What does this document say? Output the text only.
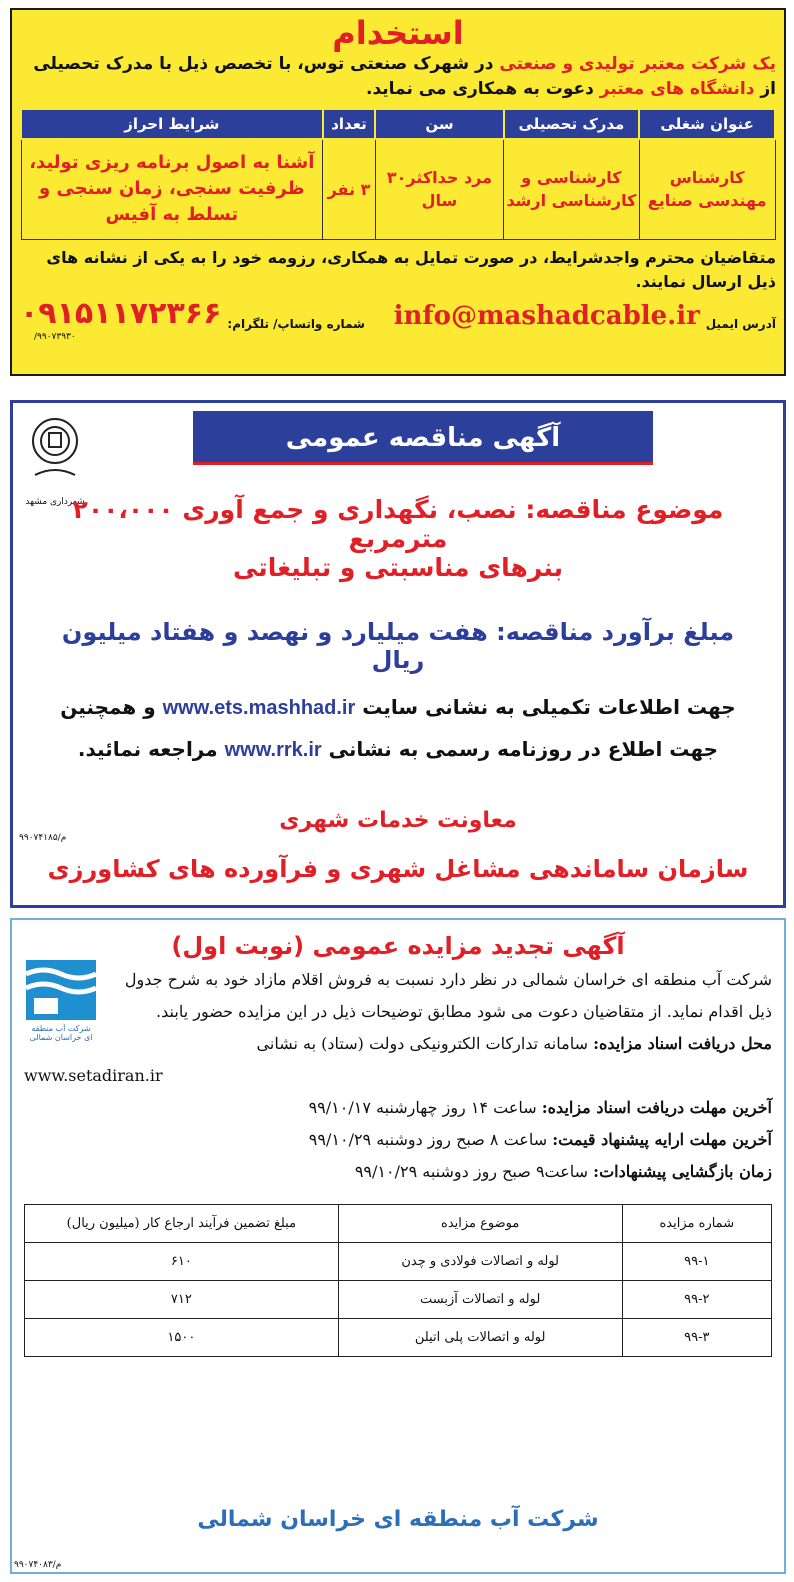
استخدام
یک شرکت معتبر تولیدی و صنعتی در شهرک صنعتی توس، با تخصص ذیل با مدرک تحصیلی
از دانشگاه های معتبر دعوت به همکاری می نماید.
عنوان شغلی	مدرک تحصیلی	سن	تعداد	شرایط احراز
کارشناس مهندسی صنایع	کارشناسی و کارشناسی ارشد	مرد حداکثر۳۰ سال	۳ نفر	آشنا به اصول برنامه ریزی تولید، ظرفیت سنجی، زمان سنجی و تسلط به آفیس
متقاضیان محترم واجدشرایط، در صورت تمایل به همکاری، رزومه خود را به یکی از نشانه های ذیل ارسال نمایند.
آدرس ایمیل
info@mashadcable.ir
شماره واتساپ/ تلگرام:
۰۹۱۵۱۱۷۲۳۶۶
/۹۹۰۷۳۹۳۰
آگهی مناقصه عمومی
شهرداری مشهد
موضوع مناقصه: نصب، نگهداری و جمع آوری ۲۰۰،۰۰۰ مترمربع
بنرهای مناسبتی و تبلیغاتی
مبلغ برآورد مناقصه: هفت میلیارد و نهصد و هفتاد میلیون ریال
جهت اطلاعات تکمیلی به نشانی سایت www.ets.mashhad.ir و همچنین
جهت اطلاع در روزنامه رسمی به نشانی www.rrk.ir مراجعه نمائید.
معاونت خدمات شهری
سازمان ساماندهی مشاغل شهری و فرآورده های کشاورزی
م/۹۹۰۷۴۱۸۵
شرکت آب منطقه ای خراسان شمالی
آگهی تجدید مزایده عمومی (نوبت اول)
شرکت آب منطقه ای خراسان شمالی در نظر دارد نسبت به فروش اقلام مازاد خود به شرح جدول ذیل اقدام نماید. از متقاضیان دعوت می شود مطابق توضیحات ذیل در این مزایده حضور یابند.
محل دریافت اسناد مزایده: سامانه تدارکات الکترونیکی دولت (ستاد) به نشانی
www.setadiran.ir
آخرین مهلت دریافت اسناد مزایده: ساعت ۱۴ روز چهارشنبه ۹۹/۱۰/۱۷
آخرین مهلت ارایه پیشنهاد قیمت: ساعت ۸ صبح روز دوشنبه ۹۹/۱۰/۲۹
زمان بازگشایی پیشنهادات: ساعت۹ صبح روز دوشنبه ۹۹/۱۰/۲۹
شماره مزایده	موضوع مزایده	مبلغ تضمین فرآیند ارجاع کار (میلیون ریال)
۹۹-۱	لوله و اتصالات فولادی و چدن	۶۱۰
۹۹-۲	لوله و اتصالات آزبست	۷۱۲
۹۹-۳	لوله و اتصالات پلی اتیلن	۱۵۰۰
شرکت آب منطقه ای خراسان شمالی
م/۹۹۰۷۴۰۸۳
